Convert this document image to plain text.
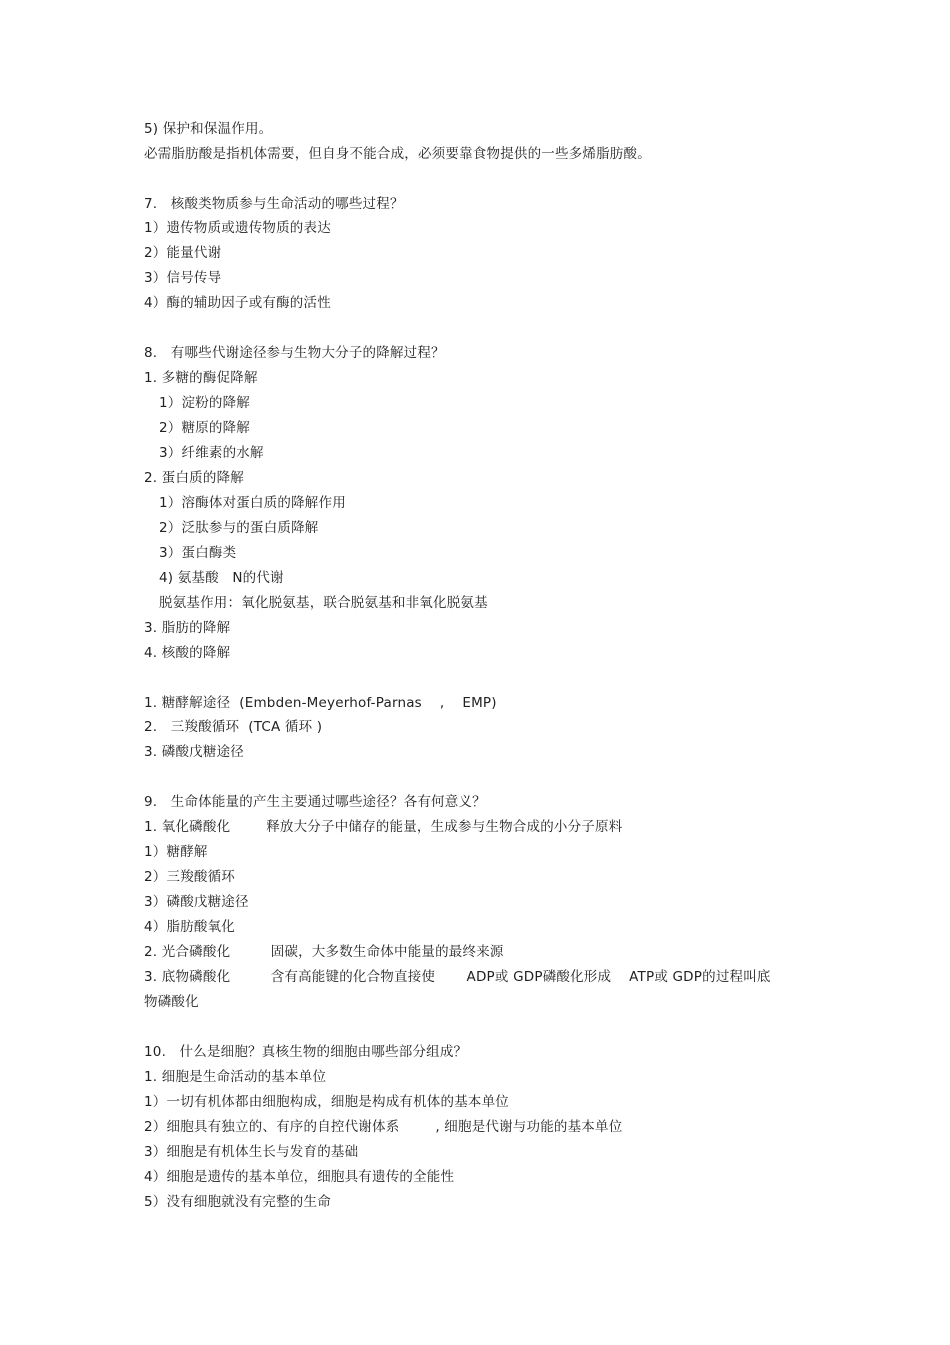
5) 保护和保温作用。
必需脂肪酸是指机体需要，但自身不能合成，必须要靠食物提供的一些多烯脂肪酸。
7.   核酸类物质参与生命活动的哪些过程？
1）遗传物质或遗传物质的表达
2）能量代谢
3）信号传导
4）酶的辅助因子或有酶的活性
8.   有哪些代谢途径参与生物大分子的降解过程？
1. 多糖的酶促降解
1）淀粉的降解
2）糖原的降解
3）纤维素的水解
2. 蛋白质的降解
1）溶酶体对蛋白质的降解作用
2）泛肽参与的蛋白质降解
3）蛋白酶类
4) 氨基酸   N的代谢
脱氨基作用：氧化脱氨基，联合脱氨基和非氧化脱氨基
3. 脂肪的降解
4. 核酸的降解
1. 糖酵解途径  (Embden-Meyerhof-Parnas    ,    EMP)
2.   三羧酸循环  (TCA 循环 )
3. 磷酸戊糖途径
9.   生命体能量的产生主要通过哪些途径？各有何意义？
1. 氧化磷酸化        释放大分子中储存的能量，生成参与生物合成的小分子原料
1）糖酵解
2）三羧酸循环
3）磷酸戊糖途径
4）脂肪酸氧化
2. 光合磷酸化         固碳，大多数生命体中能量的最终来源
3. 底物磷酸化         含有高能键的化合物直接使       ADP或 GDP磷酸化形成    ATP或 GDP的过程叫底
物磷酸化
10.   什么是细胞？真核生物的细胞由哪些部分组成？
1. 细胞是生命活动的基本单位
1）一切有机体都由细胞构成，细胞是构成有机体的基本单位
2）细胞具有独立的、有序的自控代谢体系        , 细胞是代谢与功能的基本单位
3）细胞是有机体生长与发育的基础
4）细胞是遗传的基本单位，细胞具有遗传的全能性
5）没有细胞就没有完整的生命
